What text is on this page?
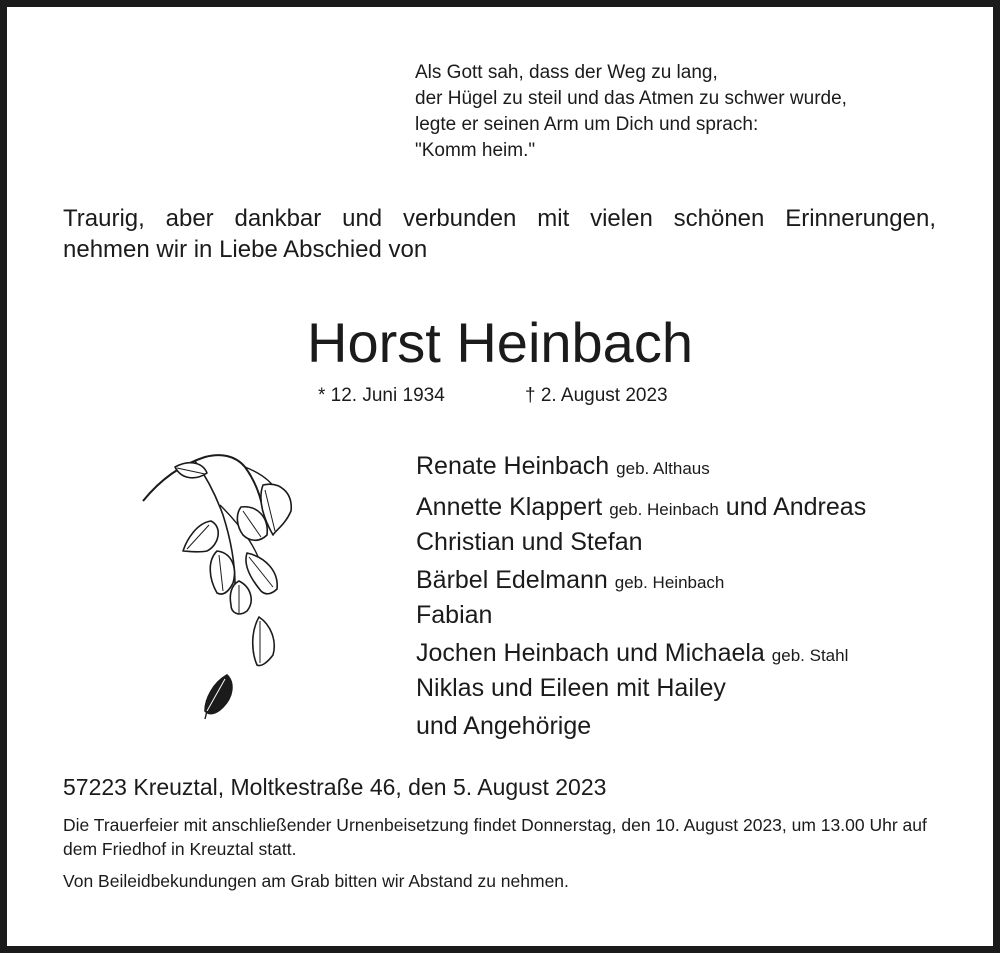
Als Gott sah, dass der Weg zu lang,
der Hügel zu steil und das Atmen zu schwer wurde,
legte er seinen Arm um Dich und sprach:
"Komm heim."
Traurig, aber dankbar und verbunden mit vielen schönen Erinnerungen,
nehmen wir in Liebe Abschied von
Horst Heinbach
* 12. Juni 1934	† 2. August 2023
Renate Heinbach geb. Althaus
Annette Klappert geb. Heinbach und Andreas
Christian und Stefan
Bärbel Edelmann geb. Heinbach
Fabian
Jochen Heinbach und Michaela geb. Stahl
Niklas und Eileen mit Hailey
und Angehörige
57223 Kreuztal, Moltkestraße 46, den 5. August 2023
Die Trauerfeier mit anschließender Urnenbeisetzung findet Donnerstag, den 10. August 2023, um 13.00 Uhr auf dem Friedhof in Kreuztal statt.
Von Beileidbekundungen am Grab bitten wir Abstand zu nehmen.
